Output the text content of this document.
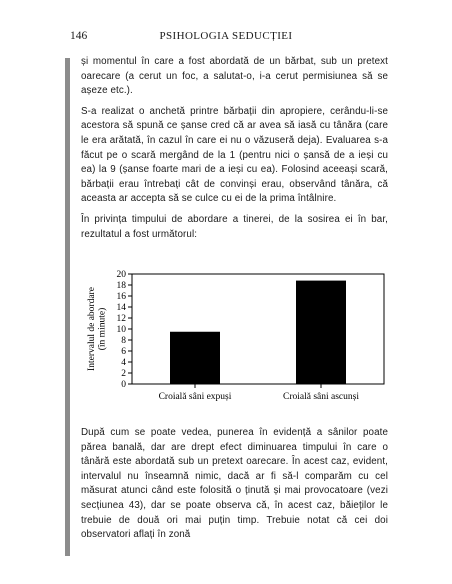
146	PSIHOLOGIA SEDUCȚIEI

și momentul în care a fost abordată de un bărbat, sub un pretext oarecare (a cerut un foc, a salutat-o, i-a cerut permisiunea să se așeze etc.).

S-a realizat o anchetă printre bărbații din apropiere, cerându-li-se acestora să spună ce șanse cred că ar avea să iasă cu tânăra (care le era arătată, în cazul în care ei nu o văzuseră deja). Evaluarea s-a făcut pe o scară mergând de la 1 (pentru nici o șansă de a ieși cu ea) la 9 (șanse foarte mari de a ieși cu ea). Folosind aceeași scară, bărbații erau întrebați cât de convinși erau, observând tânăra, că aceasta ar accepta să se culce cu ei de la prima întâlnire.

În privința timpului de abordare a tinerei, de la sosirea ei în bar, rezultatul a fost următorul:

0
2
4
6
8
10
12
14
16
18
20
Intervalul de abordare (în minute)
Croială sâni expuși	Croială sâni ascunși

După cum se poate vedea, punerea în evidență a sânilor poate părea banală, dar are drept efect diminuarea timpului în care o tânără este abordată sub un pretext oarecare. În acest caz, evident, intervalul nu înseamnă nimic, dacă ar fi să-l comparăm cu cel măsurat atunci când este folosită o ținută și mai provocatoare (vezi secțiunea 43), dar se poate observa că, în acest caz, băieților le trebuie de două ori mai puțin timp. Trebuie notat că cei doi observatori aflați în zonă
